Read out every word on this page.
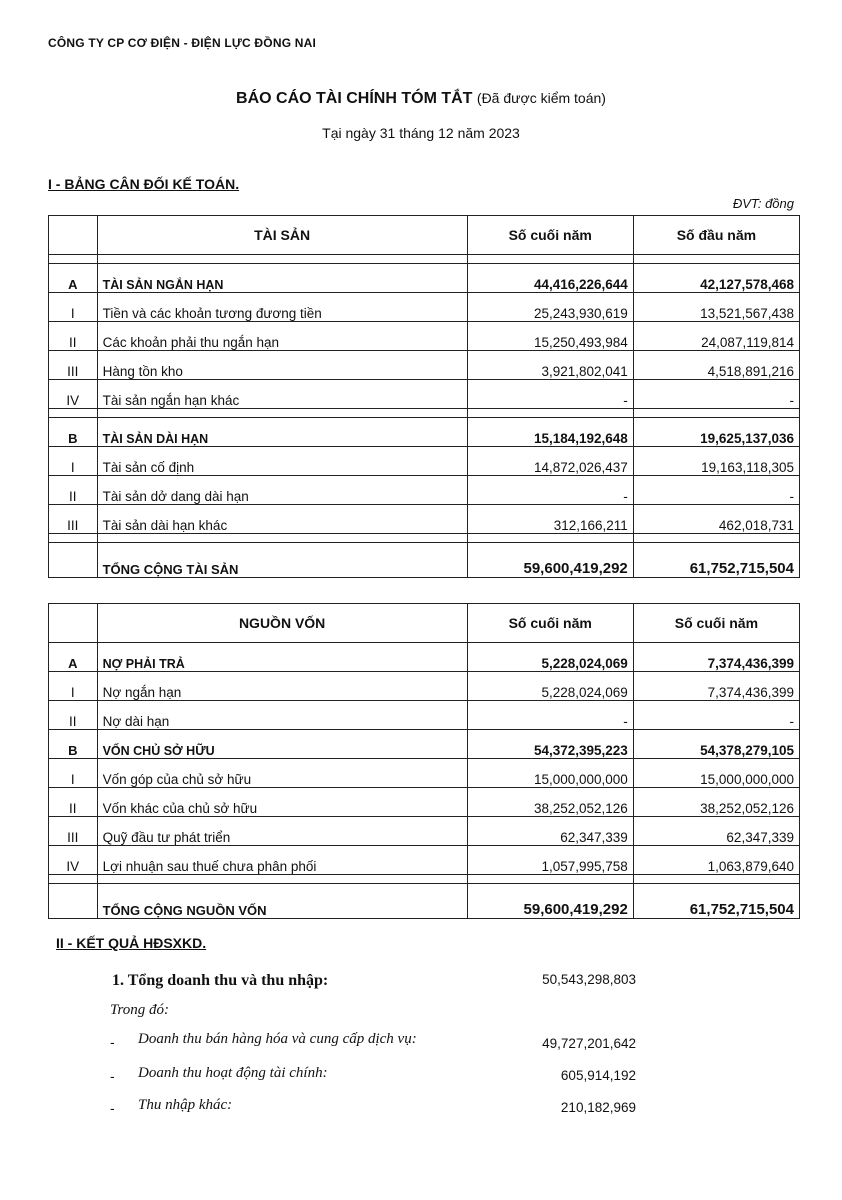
CÔNG TY CP CƠ ĐIỆN - ĐIỆN LỰC ĐỒNG NAI
BÁO CÁO TÀI CHÍNH TÓM TẮT (Đã được kiểm toán)
Tại ngày 31 tháng 12 năm 2023
I - BẢNG CÂN ĐỐI KẾ TOÁN.
ĐVT: đồng
	TÀI SẢN	Số cuối năm	Số đầu năm

A	TÀI SẢN NGẮN HẠN	44,416,226,644	42,127,578,468
I	Tiền và các khoản tương đương tiền	25,243,930,619	13,521,567,438
II	Các khoản phải thu ngắn hạn	15,250,493,984	24,087,119,814
III	Hàng tồn kho	3,921,802,041	4,518,891,216
IV	Tài sản ngắn hạn khác	-	-

B	TÀI SẢN DÀI HẠN	15,184,192,648	19,625,137,036
I	Tài sản cố định	14,872,026,437	19,163,118,305
II	Tài sản dở dang dài hạn	-	-
III	Tài sản dài hạn khác	312,166,211	462,018,731

	TỔNG CỘNG TÀI SẢN	59,600,419,292	61,752,715,504
	NGUỒN VỐN	Số cuối năm	Số cuối năm
A	NỢ PHẢI TRẢ	5,228,024,069	7,374,436,399
I	Nợ ngắn hạn	5,228,024,069	7,374,436,399
II	Nợ dài hạn	-	-
B	VỐN CHỦ SỞ HỮU	54,372,395,223	54,378,279,105
I	Vốn góp của chủ sở hữu	15,000,000,000	15,000,000,000
II	Vốn khác của chủ sở hữu	38,252,052,126	38,252,052,126
III	Quỹ đầu tư phát triển	62,347,339	62,347,339
IV	Lợi nhuận sau thuế chưa phân phối	1,057,995,758	1,063,879,640

	TỔNG CỘNG NGUỒN VỐN	59,600,419,292	61,752,715,504
II - KẾT QUẢ HĐSXKD.
1. Tổng doanh thu và thu nhập:	50,543,298,803
Trong đó:
- Doanh thu bán hàng hóa và cung cấp dịch vụ:	49,727,201,642
- Doanh thu hoạt động tài chính:	605,914,192
- Thu nhập khác:	210,182,969
